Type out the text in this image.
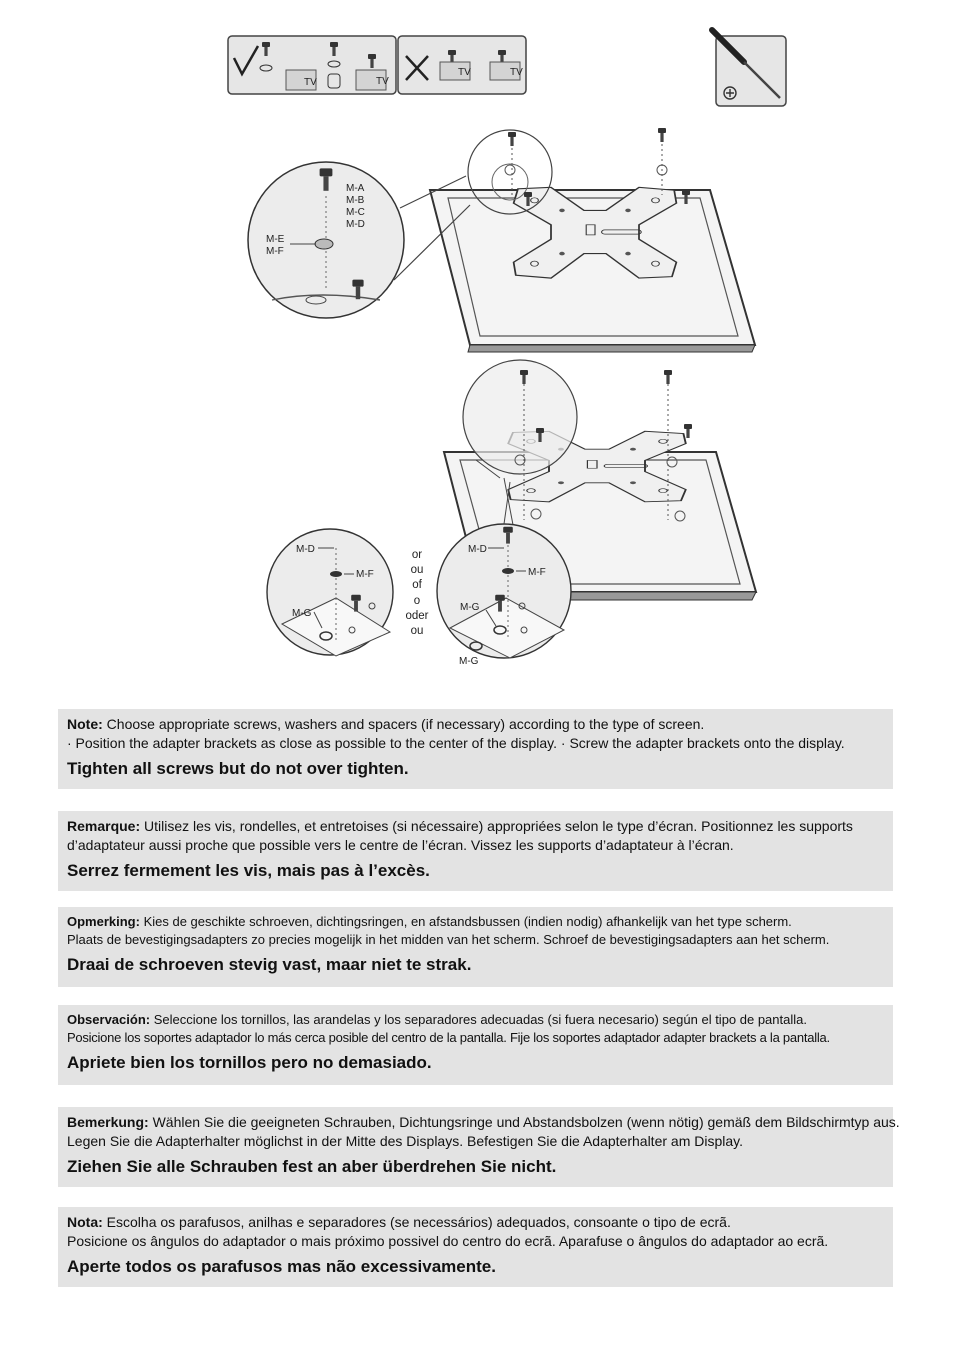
TV	TV
TV	TV
M-A
M-B
M-C
M-D
M-E
M-F
M-D
M-F
M-G
M-D
M-F
M-G
M-G
or
ou
of
o
oder
ou
Note: Choose appropriate screws, washers and spacers (if necessary) according to the type of screen.
· Position the adapter brackets as close as possible to the center of the display. · Screw the adapter brackets onto the display.
Tighten all screws but do not over tighten.
Remarque: Utilisez les vis, rondelles, et entretoises (si nécessaire) appropriées selon le type d’écran. Positionnez les supports
d’adaptateur aussi proche que possible vers le centre de l’écran. Vissez les supports d’adaptateur à l’écran.
Serrez fermement les vis, mais pas à l’excès.
Opmerking: Kies de geschikte schroeven, dichtingsringen, en afstandsbussen (indien nodig) afhankelijk van het type scherm.
Plaats de bevestigingsadapters zo precies mogelijk in het midden van het scherm. Schroef de bevestigingsadapters aan het scherm.
Draai de schroeven stevig vast, maar niet te strak.
Observación: Seleccione los tornillos, las arandelas y los separadores adecuadas (si fuera necesario) según el tipo de pantalla.
Posicione los soportes adaptador lo más cerca posible del centro de la pantalla. Fije los soportes adaptador adapter brackets a la pantalla.
Apriete bien los tornillos pero no demasiado.
Bemerkung: Wählen Sie die geeigneten Schrauben, Dichtungsringe und Abstandsbolzen (wenn nötig) gemäß dem Bildschirmtyp aus.
Legen Sie die Adapterhalter möglichst in der Mitte des Displays. Befestigen Sie die Adapterhalter am Display.
Ziehen Sie alle Schrauben fest an aber überdrehen Sie nicht.
Nota: Escolha os parafusos, anilhas e separadores (se necessários) adequados, consoante o tipo de ecrã.
Posicione os ângulos do adaptador o mais próximo possivel do centro do ecrã. Aparafuse o ângulos do adaptador ao ecrã.
Aperte todos os parafusos mas não excessivamente.
